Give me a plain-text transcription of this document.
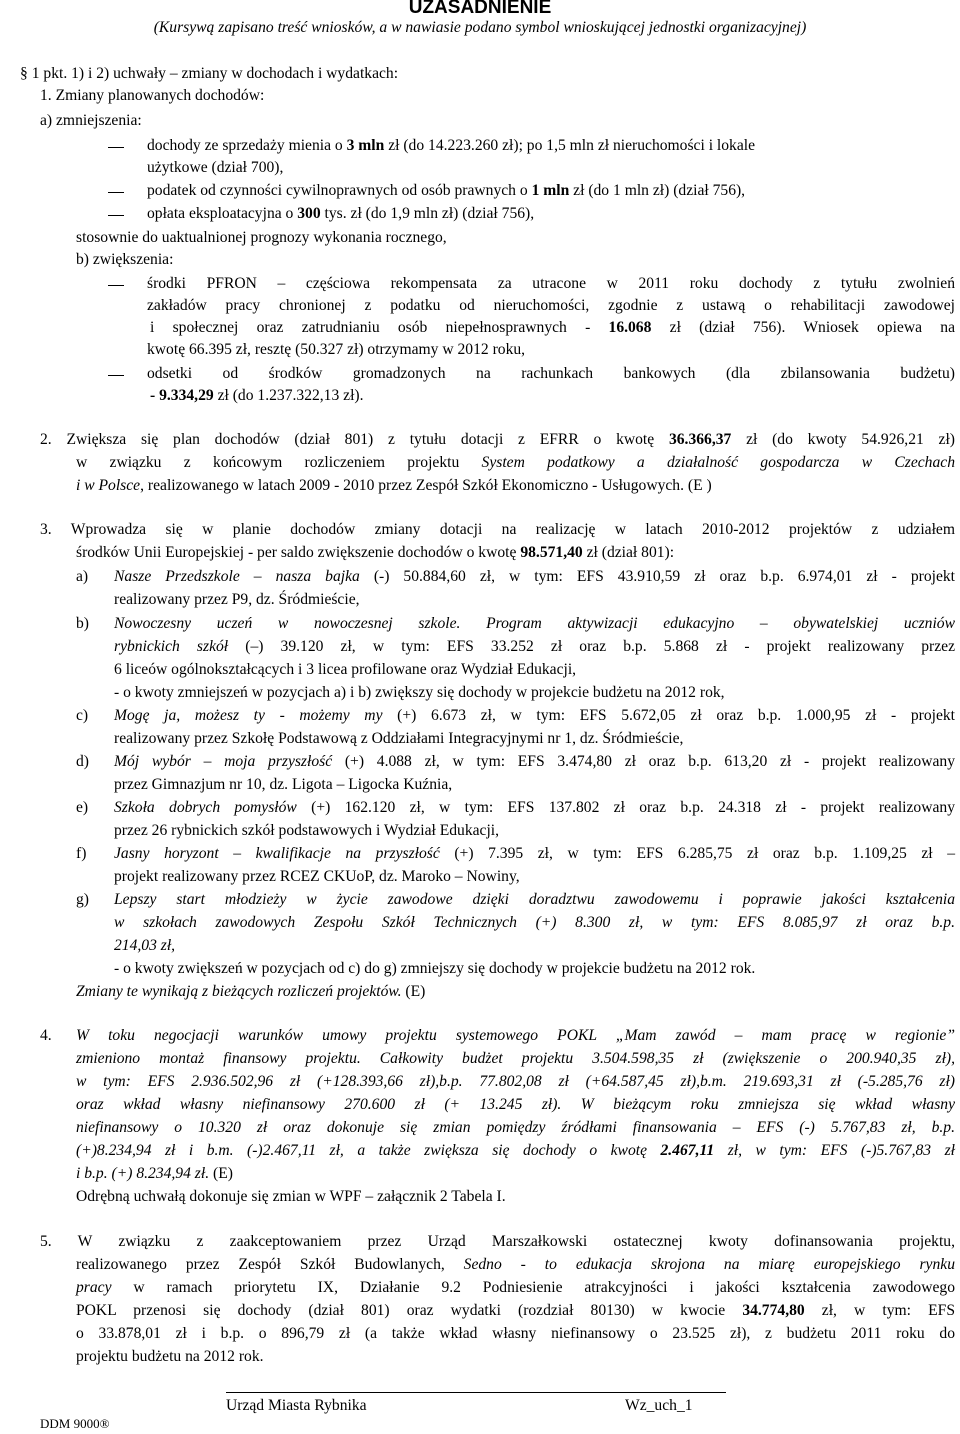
UZASADNIENIE
(Kursywą zapisano treść wniosków, a w nawiasie podano symbol wnioskującej jednostki organizacyjnej)
§ 1 pkt. 1) i 2) uchwały – zmiany w dochodach i wydatkach:
1. Zmiany planowanych dochodów:
a) zmniejszenia:
dochody ze sprzedaży mienia o 3 mln zł (do 14.223.260 zł); po 1,5 mln zł nieruchomości i lokale
użytkowe (dział 700),
podatek od czynności cywilnoprawnych od osób prawnych o 1 mln zł (do 1 mln zł) (dział 756),
opłata eksploatacyjna o 300 tys. zł (do 1,9 mln zł) (dział 756),
stosownie do uaktualnionej prognozy wykonania rocznego,
b) zwiększenia:
środki PFRON – częściowa rekompensata za utracone w 2011 roku dochody z tytułu zwolnień
zakładów pracy chronionej z podatku od nieruchomości, zgodnie z ustawą o rehabilitacji zawodowej
i społecznej oraz zatrudnianiu osób niepełnosprawnych - 16.068 zł (dział 756). Wniosek opiewa na
kwotę 66.395 zł, resztę (50.327 zł) otrzymamy w 2012 roku,
odsetki od środków gromadzonych na rachunkach bankowych (dla zbilansowania budżetu)
- 9.334,29 zł (do 1.237.322,13 zł).
2. Zwiększa się plan dochodów (dział 801) z tytułu dotacji z EFRR o kwotę 36.366,37 zł (do kwoty 54.926,21 zł)
w związku z końcowym rozliczeniem projektu System podatkowy a działalność gospodarcza w Czechach
i w Polsce, realizowanego w latach 2009 - 2010 przez Zespół Szkół Ekonomiczno - Usługowych. (E )
3. Wprowadza się w planie dochodów zmiany dotacji na realizację w latach 2010-2012 projektów z udziałem
środków Unii Europejskiej - per saldo zwiększenie dochodów o kwotę 98.571,40 zł (dział 801):
a) Nasze Przedszkole – nasza bajka (-) 50.884,60 zł, w tym: EFS 43.910,59 zł oraz b.p. 6.974,01 zł - projekt
realizowany przez P9, dz. Śródmieście,
b) Nowoczesny uczeń w nowoczesnej szkole. Program aktywizacji edukacyjno – obywatelskiej uczniów
rybnickich szkół (–) 39.120 zł, w tym: EFS 33.252 zł oraz b.p. 5.868 zł - projekt realizowany przez
6 liceów ogólnokształcących i 3 licea profilowane oraz Wydział Edukacji,
- o kwoty zmniejszeń w pozycjach a) i b) zwiększy się dochody w projekcie budżetu na 2012 rok,
c) Mogę ja, możesz ty - możemy my (+) 6.673 zł, w tym: EFS 5.672,05 zł oraz b.p. 1.000,95 zł - projekt
realizowany przez Szkołę Podstawową z Oddziałami Integracyjnymi nr 1, dz. Śródmieście,
d) Mój wybór – moja przyszłość (+) 4.088 zł, w tym: EFS 3.474,80 zł oraz b.p. 613,20 zł - projekt realizowany
przez Gimnazjum nr 10, dz. Ligota – Ligocka Kuźnia,
e) Szkoła dobrych pomysłów (+) 162.120 zł, w tym: EFS 137.802 zł oraz b.p. 24.318 zł - projekt realizowany
przez 26 rybnickich szkół podstawowych i Wydział Edukacji,
f) Jasny horyzont – kwalifikacje na przyszłość (+) 7.395 zł, w tym: EFS 6.285,75 zł oraz b.p. 1.109,25 zł –
projekt realizowany przez RCEZ CKUoP, dz. Maroko – Nowiny,
g) Lepszy start młodzieży w życie zawodowe dzięki doradztwu zawodowemu i poprawie jakości kształcenia
w szkołach zawodowych Zespołu Szkół Technicznych (+) 8.300 zł, w tym: EFS 8.085,97 zł oraz b.p.
214,03 zł,
- o kwoty zwiększeń w pozycjach od c) do g) zmniejszy się dochody w projekcie budżetu na 2012 rok.
Zmiany te wynikają z bieżących rozliczeń projektów. (E)
4. W toku negocjacji warunków umowy projektu systemowego POKL „Mam zawód – mam pracę w regionie”
zmieniono montaż finansowy projektu. Całkowity budżet projektu 3.504.598,35 zł (zwiększenie o 200.940,35 zł),
w tym: EFS 2.936.502,96 zł (+128.393,66 zł),b.p. 77.802,08 zł (+64.587,45 zł),b.m. 219.693,31 zł (-5.285,76 zł)
oraz wkład własny niefinansowy 270.600 zł (+ 13.245 zł). W bieżącym roku zmniejsza się wkład własny
niefinansowy o 10.320 zł oraz dokonuje się zmian pomiędzy źródłami finansowania – EFS (-) 5.767,83 zł, b.p.
(+)8.234,94 zł i b.m. (-)2.467,11 zł, a także zwiększa się dochody o kwotę 2.467,11 zł, w tym: EFS (-)5.767,83 zł
i b.p. (+) 8.234,94 zł. (E)
Odrębną uchwałą dokonuje się zmian w WPF – załącznik 2 Tabela I.
5. W związku z zaakceptowaniem przez Urząd Marszałkowski ostatecznej kwoty dofinansowania projektu,
realizowanego przez Zespół Szkół Budowlanych, Sedno - to edukacja skrojona na miarę europejskiego rynku
pracy w ramach priorytetu IX, Działanie 9.2 Podniesienie atrakcyjności i jakości kształcenia zawodowego
POKL przenosi się dochody (dział 801) oraz wydatki (rozdział 80130) w kwocie 34.774,80 zł, w tym: EFS
o 33.878,01 zł i b.p. o 896,79 zł (a także wkład własny niefinansowy o 23.525 zł), z budżetu 2011 roku do
projektu budżetu na 2012 rok.
Urząd Miasta Rybnika	Wz_uch_1
DDM 9000®
